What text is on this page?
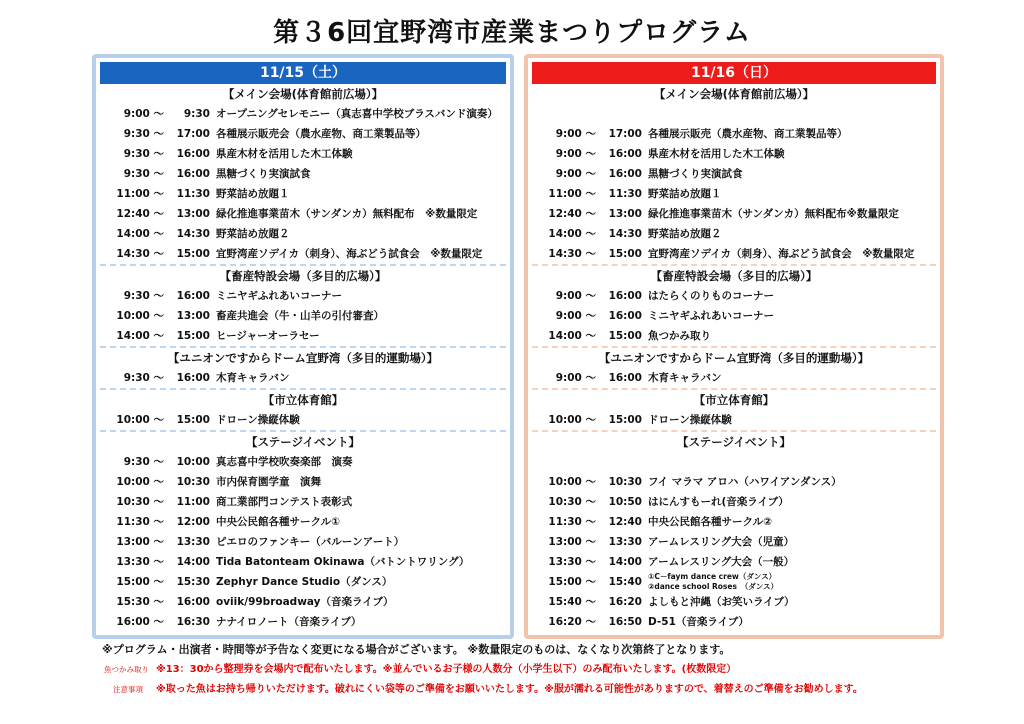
第３6回宜野湾市産業まつりプログラム
11/15（土）
【メイン会場(体育館前広場）】
9:00 ～	9:30 オープニングセレモニー（真志喜中学校ブラスバンド演奏）
9:30 ～	17:00 各種展示販売会（農水産物、商工業製品等）
9:30 ～	16:00 県産木材を活用した木工体験
9:30 ～	16:00 黒糖づくり実演試食
11:00 ～	11:30 野菜詰め放題１
12:40 ～	13:00 緑化推進事業苗木（サンダンカ）無料配布　※数量限定
14:00 ～	14:30 野菜詰め放題２
14:30 ～	15:00 宜野湾産ソデイカ（刺身）、海ぶどう試食会　※数量限定
【畜産特設会場（多目的広場）】
9:30 ～	16:00 ミニヤギふれあいコーナー
10:00 ～	13:00 畜産共進会（牛・山羊の引付審査）
14:00 ～	15:00 ヒージャーオーラセー
【ユニオンですからドーム宜野湾（多目的運動場）】
9:30 ～	16:00 木育キャラバン
【市立体育館】
10:00 ～	15:00 ドローン操縦体験
【ステージイベント】
9:30 ～	10:00 真志喜中学校吹奏楽部　演奏
10:00 ～	10:30 市内保育園学童　演舞
10:30 ～	11:00 商工業部門コンテスト表彰式
11:30 ～	12:00 中央公民館各種サークル①
13:00 ～	13:30 ピエロのファンキー（バルーンアート）
13:30 ～	14:00 Tida Batonteam Okinawa（バトントワリング）
15:00 ～	15:30 Zephyr Dance Studio（ダンス）
15:30 ～	16:00 oviik/99broadway（音楽ライブ）
16:00 ～	16:30 ナナイロノート（音楽ライブ）
11/16（日）
【メイン会場(体育館前広場）】
9:00 ～	17:00 各種展示販売（農水産物、商工業製品等）
9:00 ～	16:00 県産木材を活用した木工体験
9:00 ～	16:00 黒糖づくり実演試食
11:00 ～	11:30 野菜詰め放題１
12:40 ～	13:00 緑化推進事業苗木（サンダンカ）無料配布※数量限定
14:00 ～	14:30 野菜詰め放題２
14:30 ～	15:00 宜野湾産ソデイカ（刺身）、海ぶどう試食会　※数量限定
【畜産特設会場（多目的広場）】
9:00 ～	16:00 はたらくのりものコーナー
9:00 ～	16:00 ミニヤギふれあいコーナー
14:00 ～	15:00 魚つかみ取り
【ユニオンですからドーム宜野湾（多目的運動場）】
9:00 ～	16:00 木育キャラバン
【市立体育館】
10:00 ～	15:00 ドローン操縦体験
【ステージイベント】
10:00 ～	10:30 フイ マラマ アロハ（ハワイアンダンス）
10:30 ～	10:50 はにんすもーれ(音楽ライブ）
11:30 ～	12:40 中央公民館各種サークル②
13:00 ～	13:30 アームレスリング大会（児童）
13:30 ～	14:00 アームレスリング大会（一般）
15:00 ～	15:40 ①C－faym dance crew（ダンス）
②dance school Roses　（ダンス）
15:40 ～	16:20 よしもと沖縄（お笑いライブ）
16:20 ～	16:50 D-51（音楽ライブ）
※プログラム・出演者・時間等が予告なく変更になる場合がございます。 ※数量限定のものは、なくなり次第終了となります。
魚つかみ取り
注意事項
※13：30から整理券を会場内で配布いたします。※並んでいるお子様の人数分（小学生以下）のみ配布いたします。(枚数限定）
※取った魚はお持ち帰りいただけます。破れにくい袋等のご準備をお願いいたします。※服が濡れる可能性がありますので、着替えのご準備をお勧めします。
